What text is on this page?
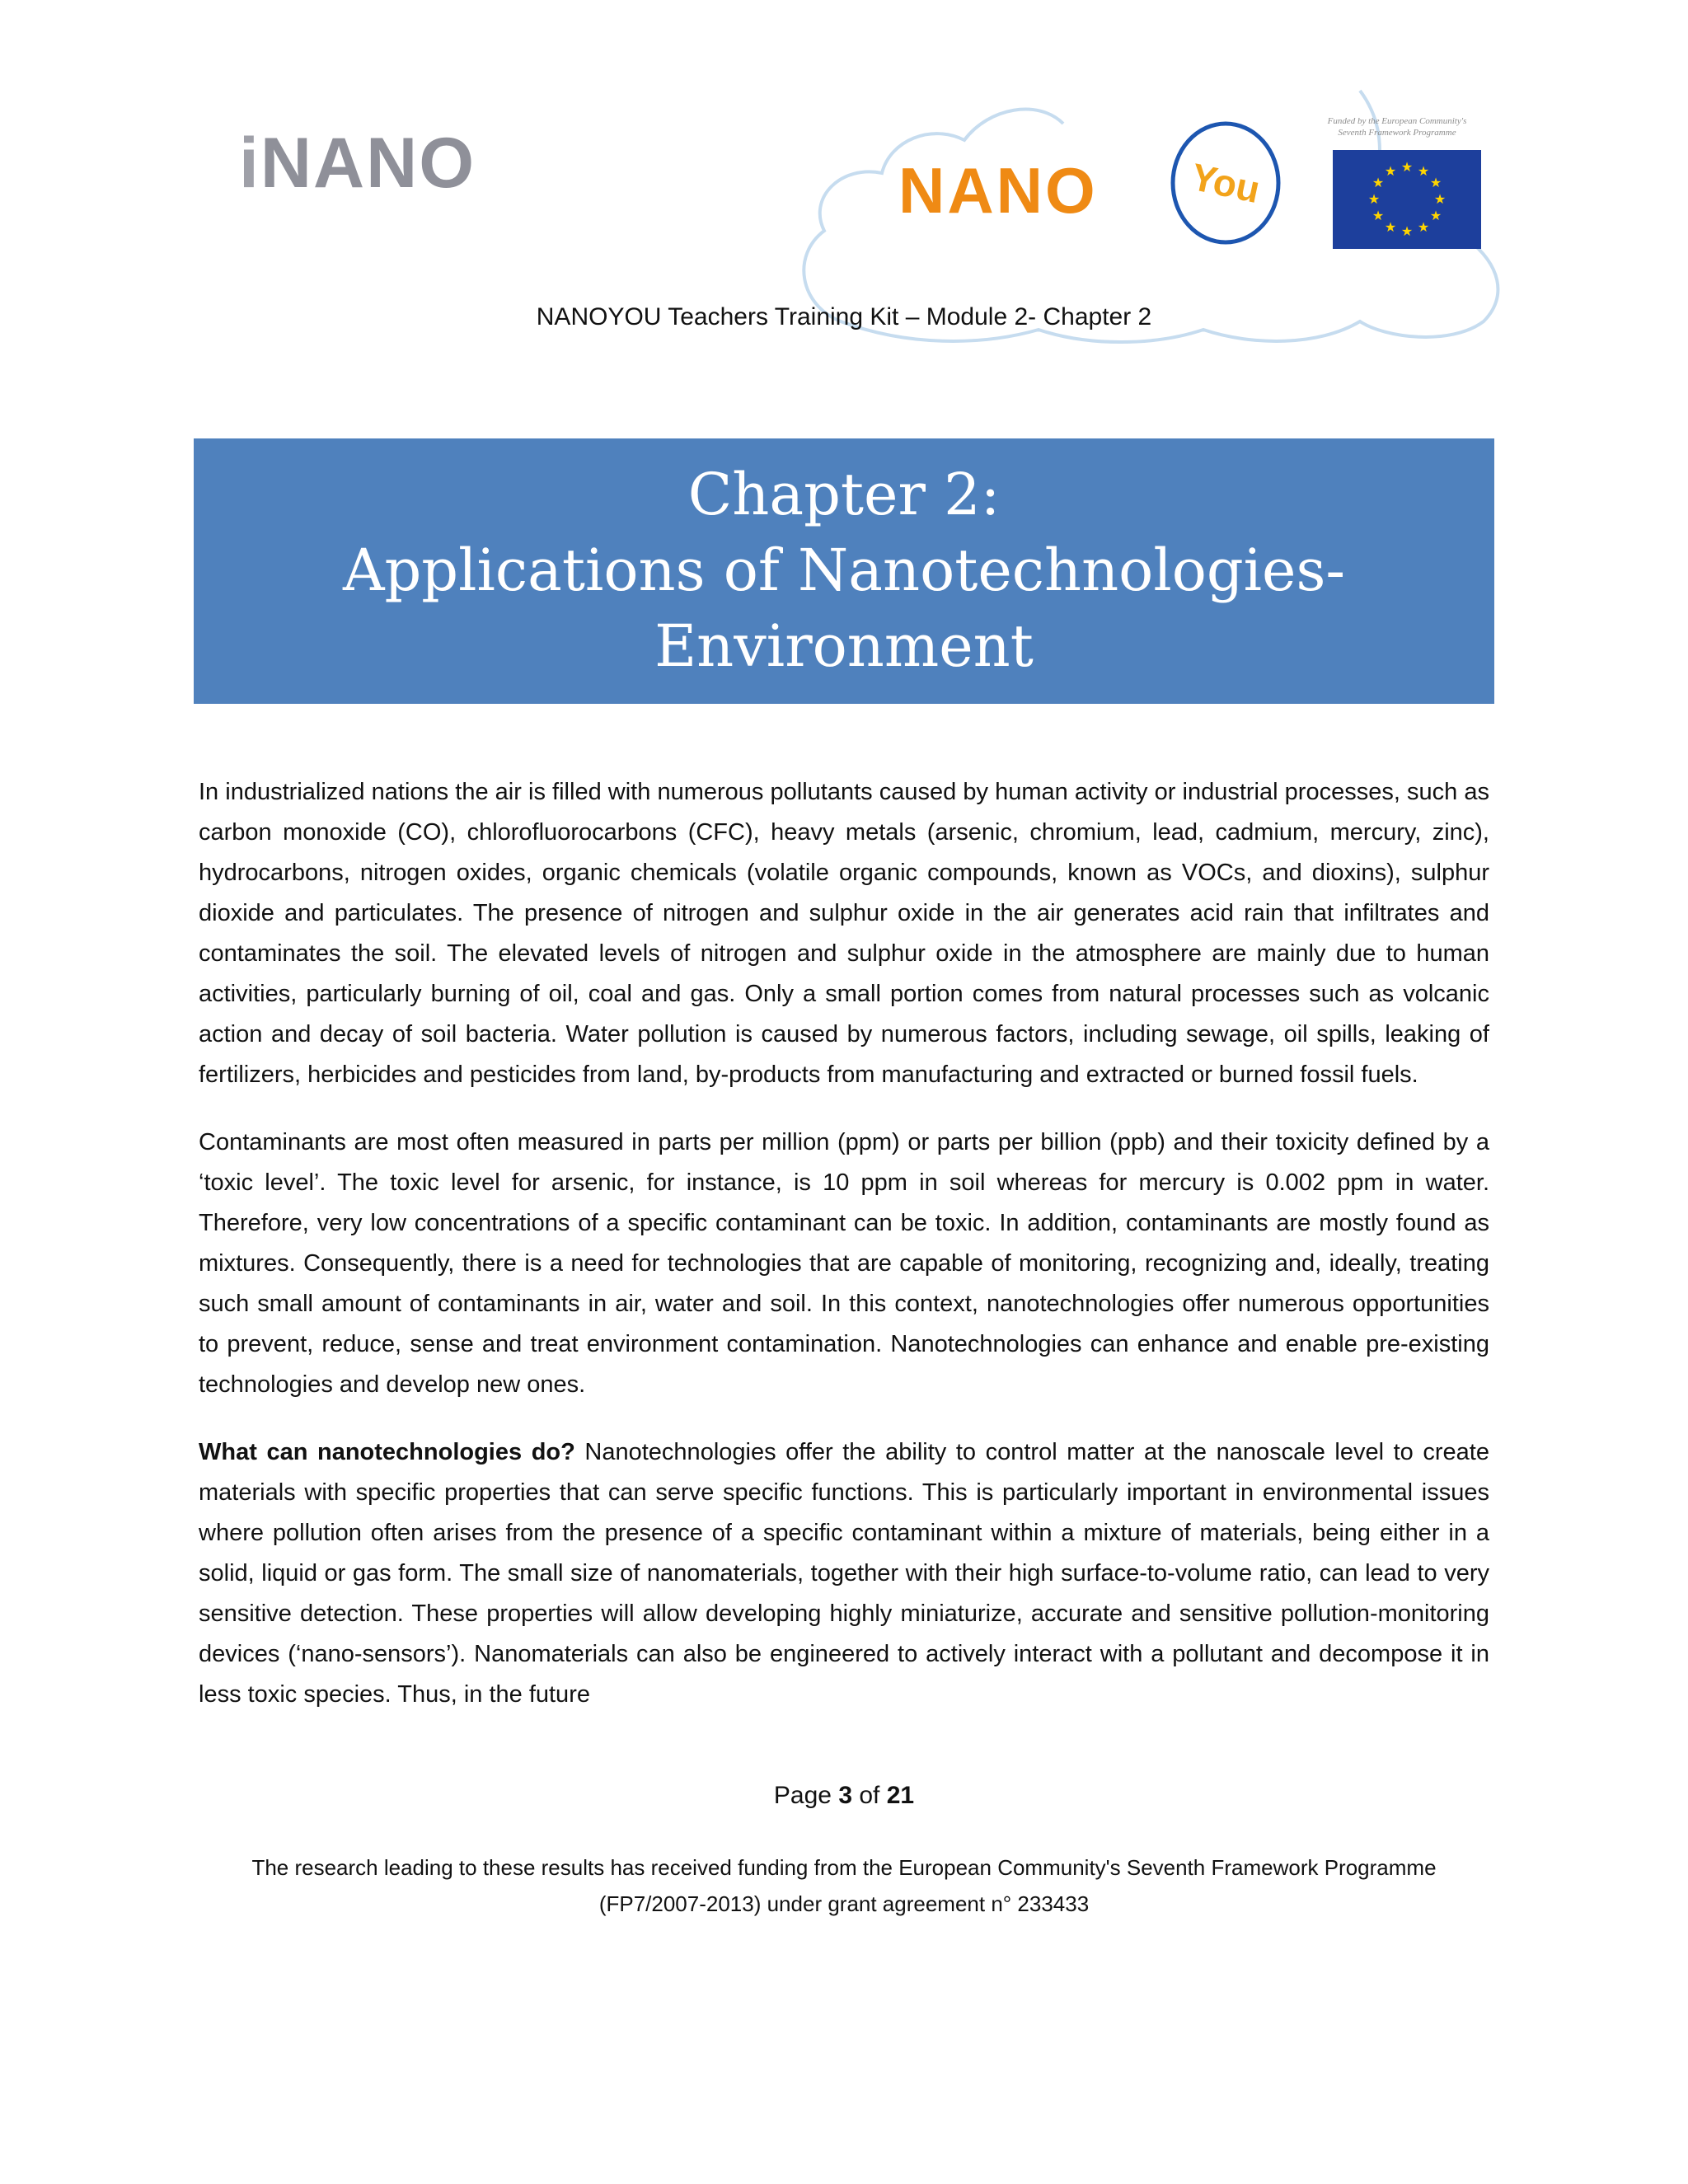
iNANO	NANO You
Funded by the European Community's
Seventh Framework Programme
★ ★
★
★
★
★
★
★
★
★
★
★
NANOYOU Teachers Training Kit – Module 2- Chapter 2
Chapter 2:
Applications of Nanotechnologies-
Environment

In industrialized nations the air is filled with numerous pollutants caused by human activity or industrial processes, such as carbon monoxide (CO), chlorofluorocarbons (CFC), heavy metals (arsenic, chromium, lead, cadmium, mercury, zinc), hydrocarbons, nitrogen oxides, organic chemicals (volatile organic compounds, known as VOCs, and dioxins), sulphur dioxide and particulates. The presence of nitrogen and sulphur oxide in the air generates acid rain that infiltrates and contaminates the soil. The elevated levels of nitrogen and sulphur oxide in the atmosphere are mainly due to human activities, particularly burning of oil, coal and gas. Only a small portion comes from natural processes such as volcanic action and decay of soil bacteria. Water pollution is caused by numerous factors, including sewage, oil spills, leaking of fertilizers, herbicides and pesticides from land, by-products from manufacturing and extracted or burned fossil fuels.

Contaminants are most often measured in parts per million (ppm) or parts per billion (ppb) and their toxicity defined by a ‘toxic level’. The toxic level for arsenic, for instance, is 10 ppm in soil whereas for mercury is 0.002 ppm in water. Therefore, very low concentrations of a specific contaminant can be toxic. In addition, contaminants are mostly found as mixtures. Consequently, there is a need for technologies that are capable of monitoring, recognizing and, ideally, treating such small amount of contaminants in air, water and soil. In this context, nanotechnologies offer numerous opportunities to prevent, reduce, sense and treat environment contamination. Nanotechnologies can enhance and enable pre-existing technologies and develop new ones.

What can nanotechnologies do? Nanotechnologies offer the ability to control matter at the nanoscale level to create materials with specific properties that can serve specific functions. This is particularly important in environmental issues where pollution often arises from the presence of a specific contaminant within a mixture of materials, being either in a solid, liquid or gas form. The small size of nanomaterials, together with their high surface-to-volume ratio, can lead to very sensitive detection. These properties will allow developing highly miniaturize, accurate and sensitive pollution-monitoring devices (‘nano-sensors’). Nanomaterials can also be engineered to actively interact with a pollutant and decompose it in less toxic species. Thus, in the future

Page 3 of 21
The research leading to these results has received funding from the European Community's Seventh Framework Programme
(FP7/2007-2013) under grant agreement n° 233433
